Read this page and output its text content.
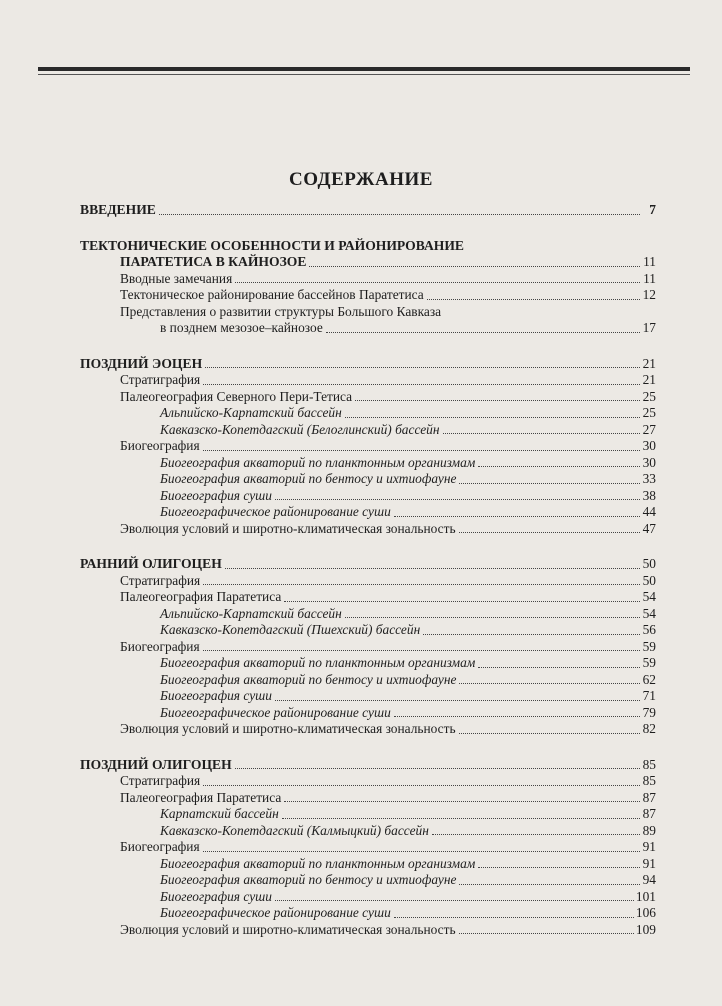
СОДЕРЖАНИЕ
ВВЕДЕНИЕ	7
ТЕКТОНИЧЕСКИЕ ОСОБЕННОСТИ И РАЙОНИРОВАНИЕ
ПАРАТЕТИСА В КАЙНОЗОЕ	11
Вводные замечания	11
Тектоническое районирование бассейнов Паратетиса	12
Представления о развитии структуры Большого Кавказа
в позднем мезозое–кайнозое	17
ПОЗДНИЙ ЭОЦЕН	21
Стратиграфия	21
Палеогеография Северного Пери-Тетиса	25
Альпийско-Карпатский бассейн	25
Кавказско-Копетдагский (Белоглинский) бассейн	27
Биогеография	30
Биогеография акваторий по планктонным организмам	30
Биогеография акваторий по бентосу и ихтиофауне	33
Биогеография суши	38
Биогеографическое районирование суши	44
Эволюция условий и широтно-климатическая зональность	47
РАННИЙ ОЛИГОЦЕН	50
Стратиграфия	50
Палеогеография Паратетиса	54
Альпийско-Карпатский бассейн	54
Кавказско-Копетдагский (Пшехский) бассейн	56
Биогеография	59
Биогеография акваторий по планктонным организмам	59
Биогеография акваторий по бентосу и ихтиофауне	62
Биогеография суши	71
Биогеографическое районирование суши	79
Эволюция условий и широтно-климатическая зональность	82
ПОЗДНИЙ ОЛИГОЦЕН	85
Стратиграфия	85
Палеогеография Паратетиса	87
Карпатский бассейн	87
Кавказско-Копетдагский (Калмыцкий) бассейн	89
Биогеография	91
Биогеография акваторий по планктонным организмам	91
Биогеография акваторий по бентосу и ихтиофауне	94
Биогеография суши	101
Биогеографическое районирование суши	106
Эволюция условий и широтно-климатическая зональность	109
